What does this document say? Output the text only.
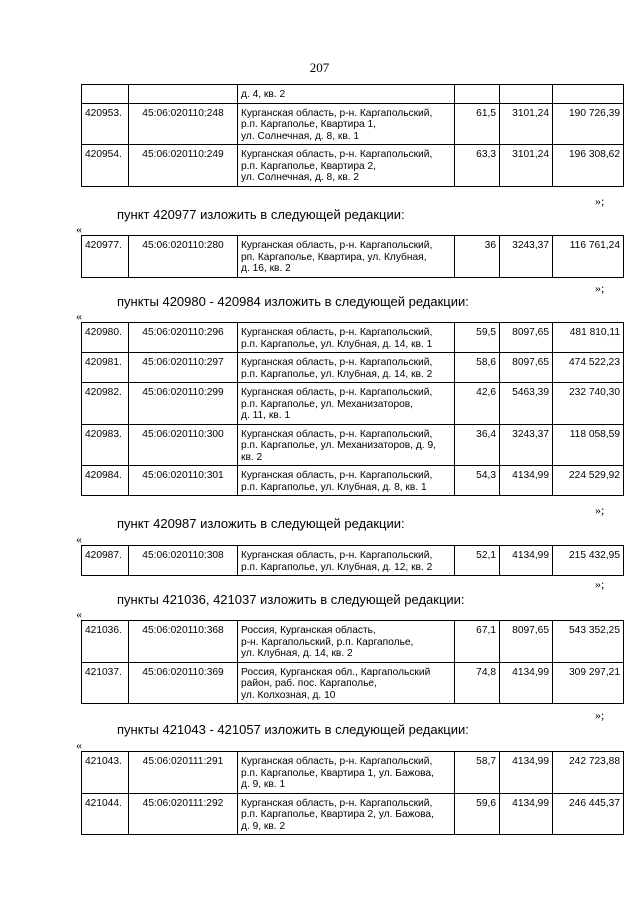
207

		д. 4, кв. 2			

420953.	45:06:020110:248	Курганская область, р-н. Каргапольский,
р.п. Каргаполье, Квартира 1,
ул. Солнечная, д. 8, кв. 1	61,5	3101,24	190 726,39
420954.	45:06:020110:249	Курганская область, р-н. Каргапольский,
р.п. Каргаполье, Квартира 2,
ул. Солнечная, д. 8, кв. 2	63,3	3101,24	196 308,62
»;
пункт 420977 изложить в следующей редакции:
«
420977.	45:06:020110:280	Курганская область, р-н. Каргапольский,
рп. Каргаполье, Квартира, ул. Клубная,
д. 16, кв. 2
	36	3243,37	116 761,24
»;
пункты 420980 - 420984 изложить в следующей редакции:
«
420980.	45:06:020110:296	Курганская область, р-н. Каргапольский,
р.п. Каргаполье, ул. Клубная, д. 14, кв. 1	59,5	8097,65	481 810,11
420981.	45:06:020110:297	Курганская область, р-н. Каргапольский,
р.п. Каргаполье, ул. Клубная, д. 14, кв. 2	58,6	8097,65	474 522,23
420982.	45:06:020110:299	Курганская область, р-н. Каргапольский,
р.п. Каргаполье, ул. Механизаторов,
д. 11, кв. 1	42,6	5463,39	232 740,30
420983.	45:06:020110:300	Курганская область, р-н. Каргапольский,
р.п. Каргаполье, ул. Механизаторов, д. 9,
кв. 2	36,4	3243,37	118 058,59
420984.	45:06:020110:301	Курганская область, р-н. Каргапольский,
р.п. Каргаполье, ул. Клубная, д. 8, кв. 1	54,3	4134,99	224 529,92
»;
пункт 420987 изложить в следующей редакции:
«
420987.	45:06:020110:308	Курганская область, р-н. Каргапольский,
р.п. Каргаполье, ул. Клубная, д. 12, кв. 2
	52,1	4134,99	215 432,95
»;
пункты 421036, 421037 изложить в следующей редакции:
«
421036.	45:06:020110:368	Россия, Курганская область,
р-н. Каргапольский, р.п. Каргаполье,
ул. Клубная, д. 14, кв. 2	67,1	8097,65	543 352,25
421037.	45:06:020110:369	Россия, Курганская обл., Каргапольский
район, раб. пос. Каргаполье,
ул. Колхозная, д. 10	74,8	4134,99	309 297,21
»;
пункты 421043 - 421057 изложить в следующей редакции:
«
421043.	45:06:020111:291	Курганская область, р-н. Каргапольский,
р.п. Каргаполье, Квартира 1, ул. Бажова,
д. 9, кв. 1	58,7	4134,99	242 723,88
421044.	45:06:020111:292	Курганская область, р-н. Каргапольский,
р.п. Каргаполье, Квартира 2, ул. Бажова,
д. 9, кв. 2	59,6	4134,99	246 445,37
